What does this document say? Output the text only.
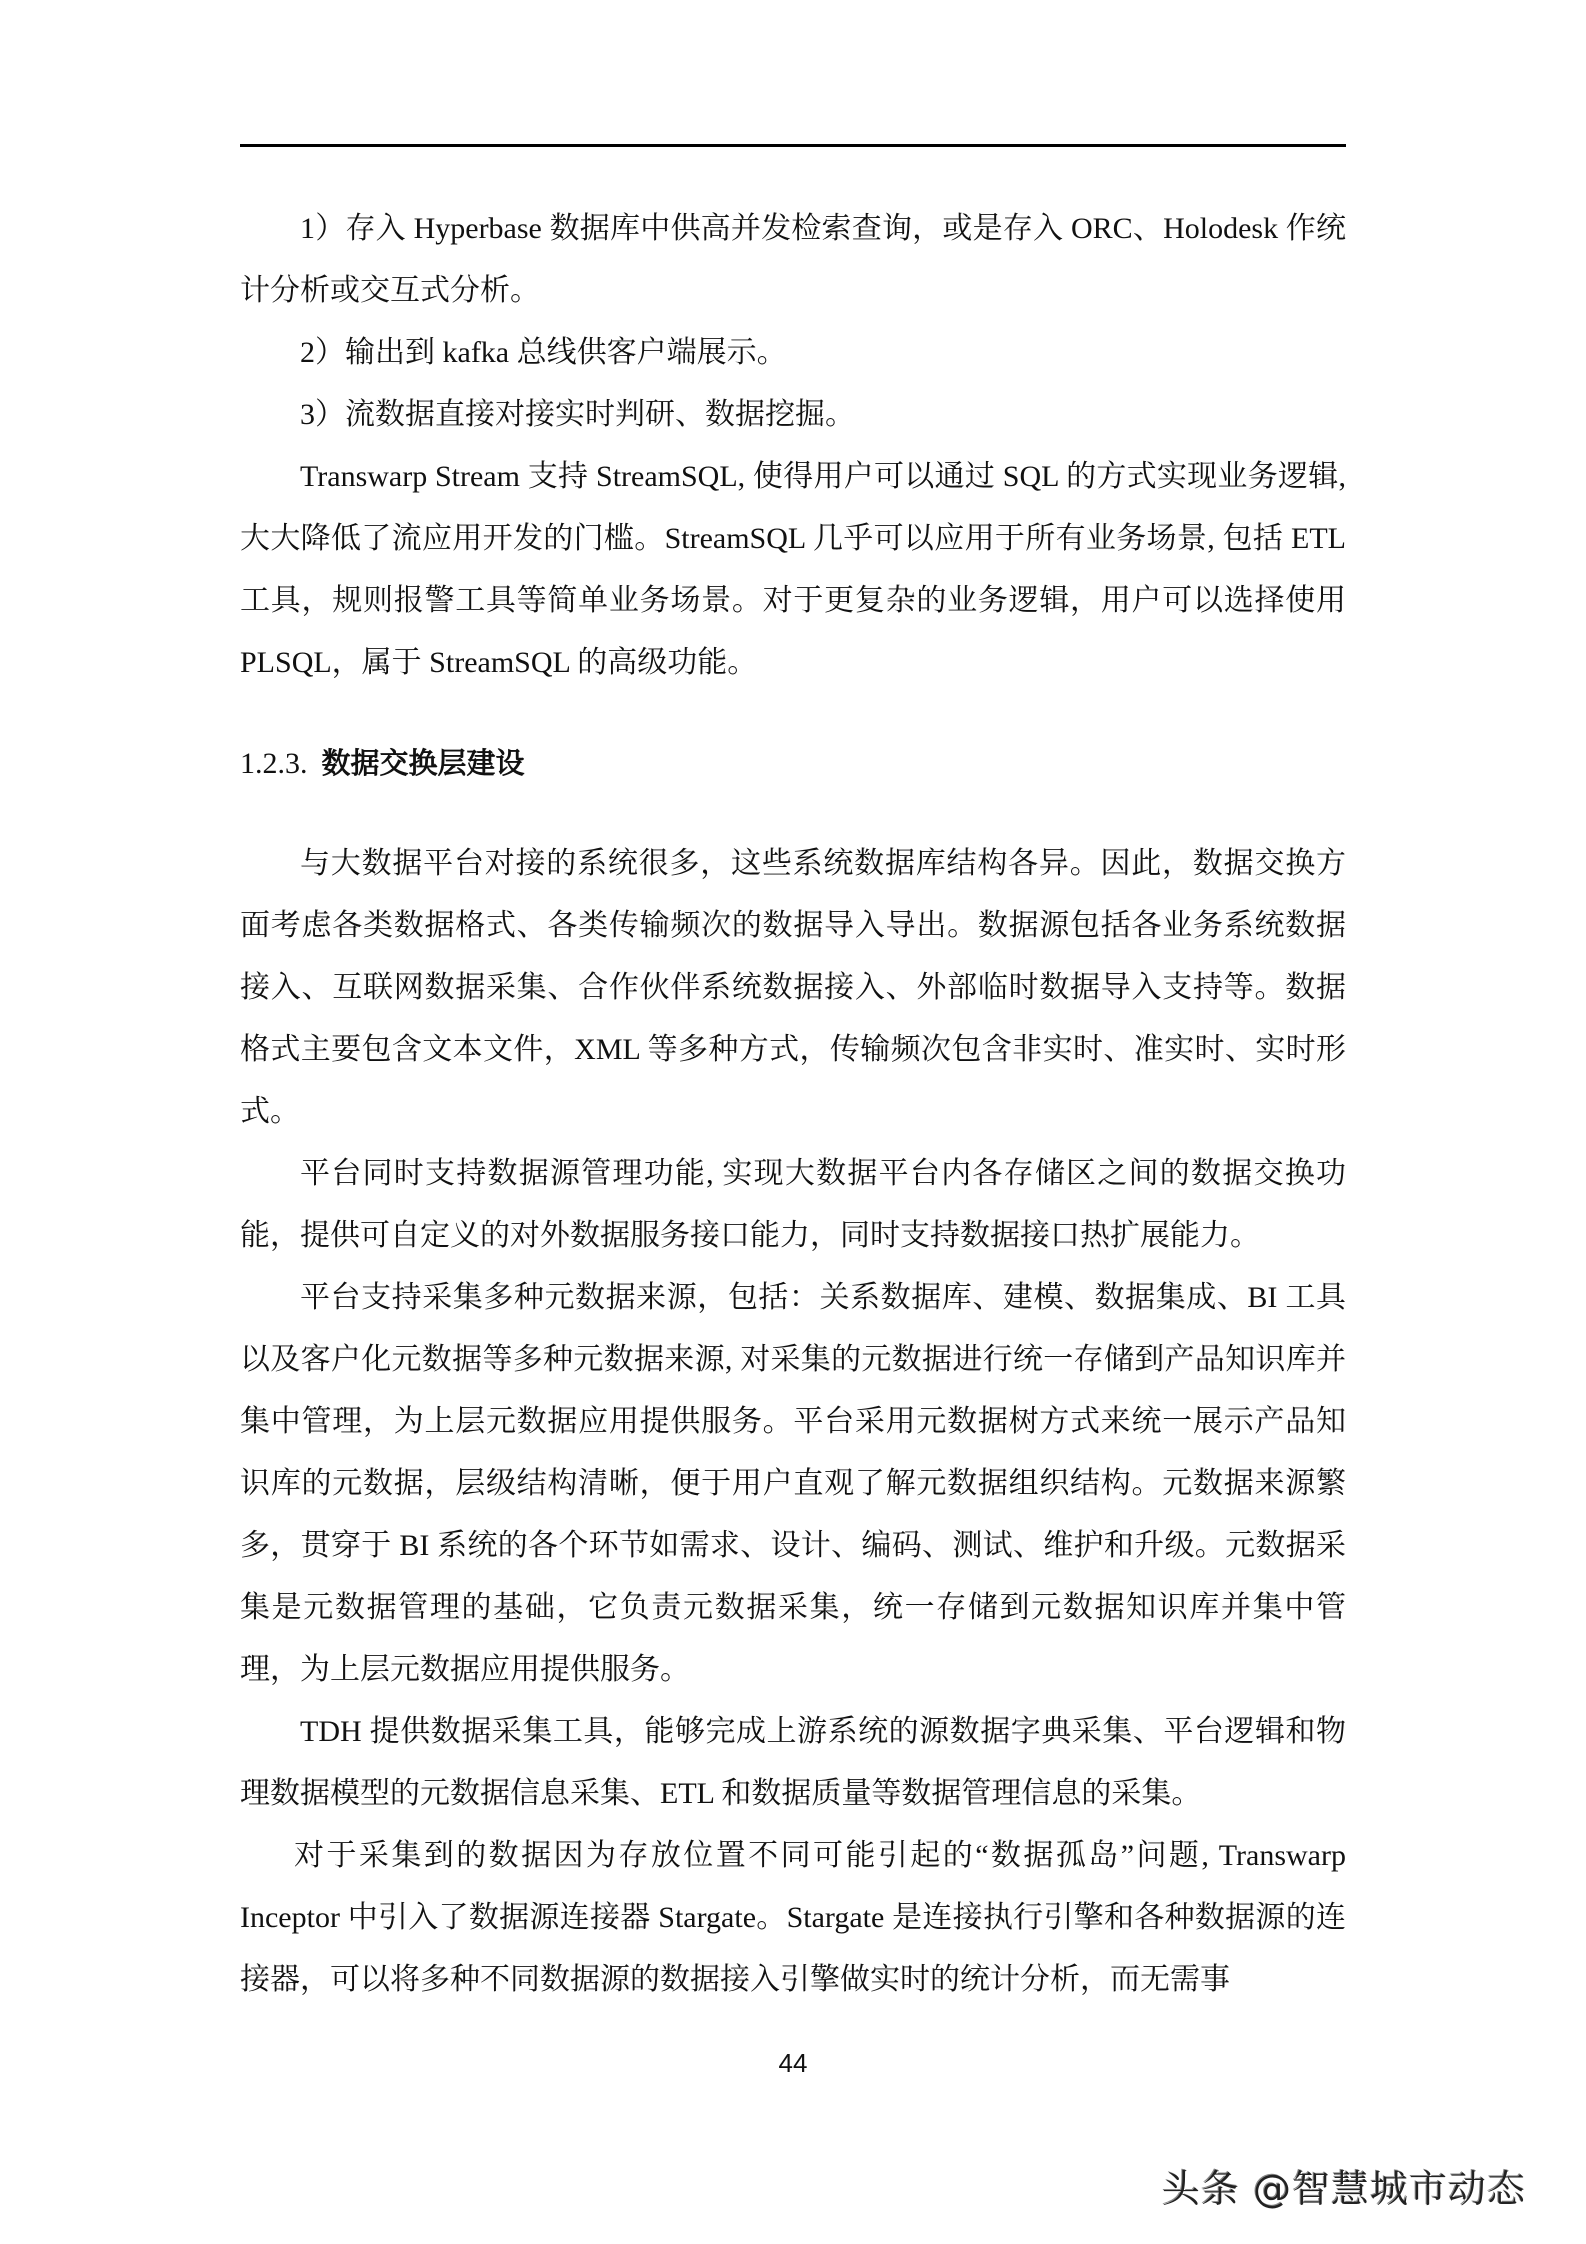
1）存入 Hyperbase 数据库中供高并发检索查询，或是存入 ORC、Holodesk 作统计分析或交互式分析。

2）输出到 kafka 总线供客户端展示。

3）流数据直接对接实时判研、数据挖掘。

Transwarp Stream 支持 StreamSQL, 使得用户可以通过 SQL 的方式实现业务逻辑, 大大降低了流应用开发的门槛。StreamSQL 几乎可以应用于所有业务场景, 包括 ETL 工具，规则报警工具等简单业务场景。对于更复杂的业务逻辑，用户可以选择使用 PLSQL，属于 StreamSQL 的高级功能。

1.2.3. 数据交换层建设

与大数据平台对接的系统很多，这些系统数据库结构各异。因此，数据交换方面考虑各类数据格式、各类传输频次的数据导入导出。数据源包括各业务系统数据接入、互联网数据采集、合作伙伴系统数据接入、外部临时数据导入支持等。数据格式主要包含文本文件，XML 等多种方式，传输频次包含非实时、准实时、实时形式。

平台同时支持数据源管理功能, 实现大数据平台内各存储区之间的数据交换功能，提供可自定义的对外数据服务接口能力，同时支持数据接口热扩展能力。

平台支持采集多种元数据来源，包括：关系数据库、建模、数据集成、BI 工具以及客户化元数据等多种元数据来源, 对采集的元数据进行统一存储到产品知识库并集中管理，为上层元数据应用提供服务。平台采用元数据树方式来统一展示产品知识库的元数据，层级结构清晰，便于用户直观了解元数据组织结构。元数据来源繁多，贯穿于 BI 系统的各个环节如需求、设计、编码、测试、维护和升级。元数据采集是元数据管理的基础，它负责元数据采集，统一存储到元数据知识库并集中管理，为上层元数据应用提供服务。

TDH 提供数据采集工具，能够完成上游系统的源数据字典采集、平台逻辑和物理数据模型的元数据信息采集、ETL 和数据质量等数据管理信息的采集。

对于采集到的数据因为存放位置不同可能引起的“数据孤岛”问题, Transwarp Inceptor 中引入了数据源连接器 Stargate。Stargate 是连接执行引擎和各种数据源的连接器，可以将多种不同数据源的数据接入引擎做实时的统计分析，而无需事

44
头条 @智慧城市动态
